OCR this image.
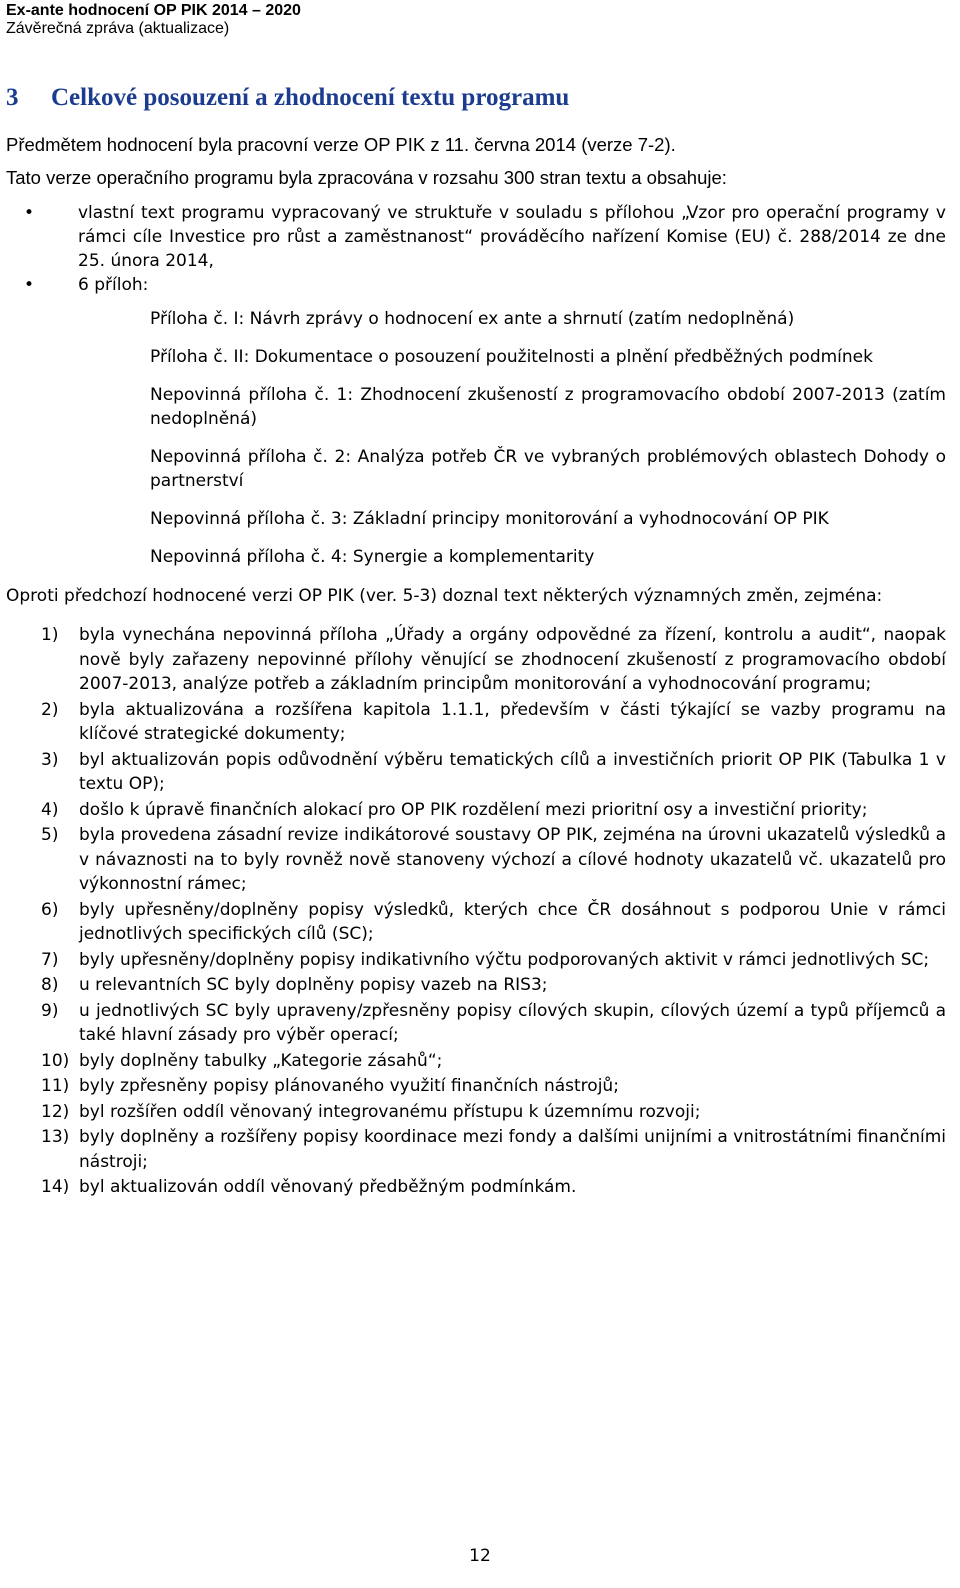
Ex-ante hodnocení OP PIK 2014 – 2020
Závěrečná zpráva (aktualizace)
3 Celkové posouzení a zhodnocení textu programu

Předmětem hodnocení byla pracovní verze OP PIK z 11. června 2014 (verze 7-2).

Tato verze operačního programu byla zpracována v rozsahu 300 stran textu a obsahuje:

• vlastní text programu vypracovaný ve struktuře v souladu s přílohou „Vzor pro operační programy v rámci cíle Investice pro růst a zaměstnanost“ prováděcího nařízení Komise (EU) č. 288/2014 ze dne 25. února 2014,
• 6 příloh:
Příloha č. I: Návrh zprávy o hodnocení ex ante a shrnutí (zatím nedoplněná)
Příloha č. II: Dokumentace o posouzení použitelnosti a plnění předběžných podmínek
Nepovinná příloha č. 1: Zhodnocení zkušeností z programovacího období 2007-2013 (zatím nedoplněná)
Nepovinná příloha č. 2: Analýza potřeb ČR ve vybraných problémových oblastech Dohody o partnerství
Nepovinná příloha č. 3: Základní principy monitorování a vyhodnocování OP PIK
Nepovinná příloha č. 4: Synergie a komplementarity

Oproti předchozí hodnocené verzi OP PIK (ver. 5-3) doznal text některých významných změn, zejména:

1) byla vynechána nepovinná příloha „Úřady a orgány odpovědné za řízení, kontrolu a audit“, naopak nově byly zařazeny nepovinné přílohy věnující se zhodnocení zkušeností z programovacího období 2007-2013, analýze potřeb a základním principům monitorování a vyhodnocování programu;
2) byla aktualizována a rozšířena kapitola 1.1.1, především v části týkající se vazby programu na klíčové strategické dokumenty;
3) byl aktualizován popis odůvodnění výběru tematických cílů a investičních priorit OP PIK (Tabulka 1 v textu OP);
4) došlo k úpravě finančních alokací pro OP PIK rozdělení mezi prioritní osy a investiční priority;
5) byla provedena zásadní revize indikátorové soustavy OP PIK, zejména na úrovni ukazatelů výsledků a v návaznosti na to byly rovněž nově stanoveny výchozí a cílové hodnoty ukazatelů vč. ukazatelů pro výkonnostní rámec;
6) byly upřesněny/doplněny popisy výsledků, kterých chce ČR dosáhnout s podporou Unie v rámci jednotlivých specifických cílů (SC);
7) byly upřesněny/doplněny popisy indikativního výčtu podporovaných aktivit v rámci jednotlivých SC;
8) u relevantních SC byly doplněny popisy vazeb na RIS3;
9) u jednotlivých SC byly upraveny/zpřesněny popisy cílových skupin, cílových území a typů příjemců a také hlavní zásady pro výběr operací;
10) byly doplněny tabulky „Kategorie zásahů“;
11) byly zpřesněny popisy plánovaného využití finančních nástrojů;
12) byl rozšířen oddíl věnovaný integrovanému přístupu k územnímu rozvoji;
13) byly doplněny a rozšířeny popisy koordinace mezi fondy a dalšími unijními a vnitrostátními finančními nástroji;
14) byl aktualizován oddíl věnovaný předběžným podmínkám.
12
